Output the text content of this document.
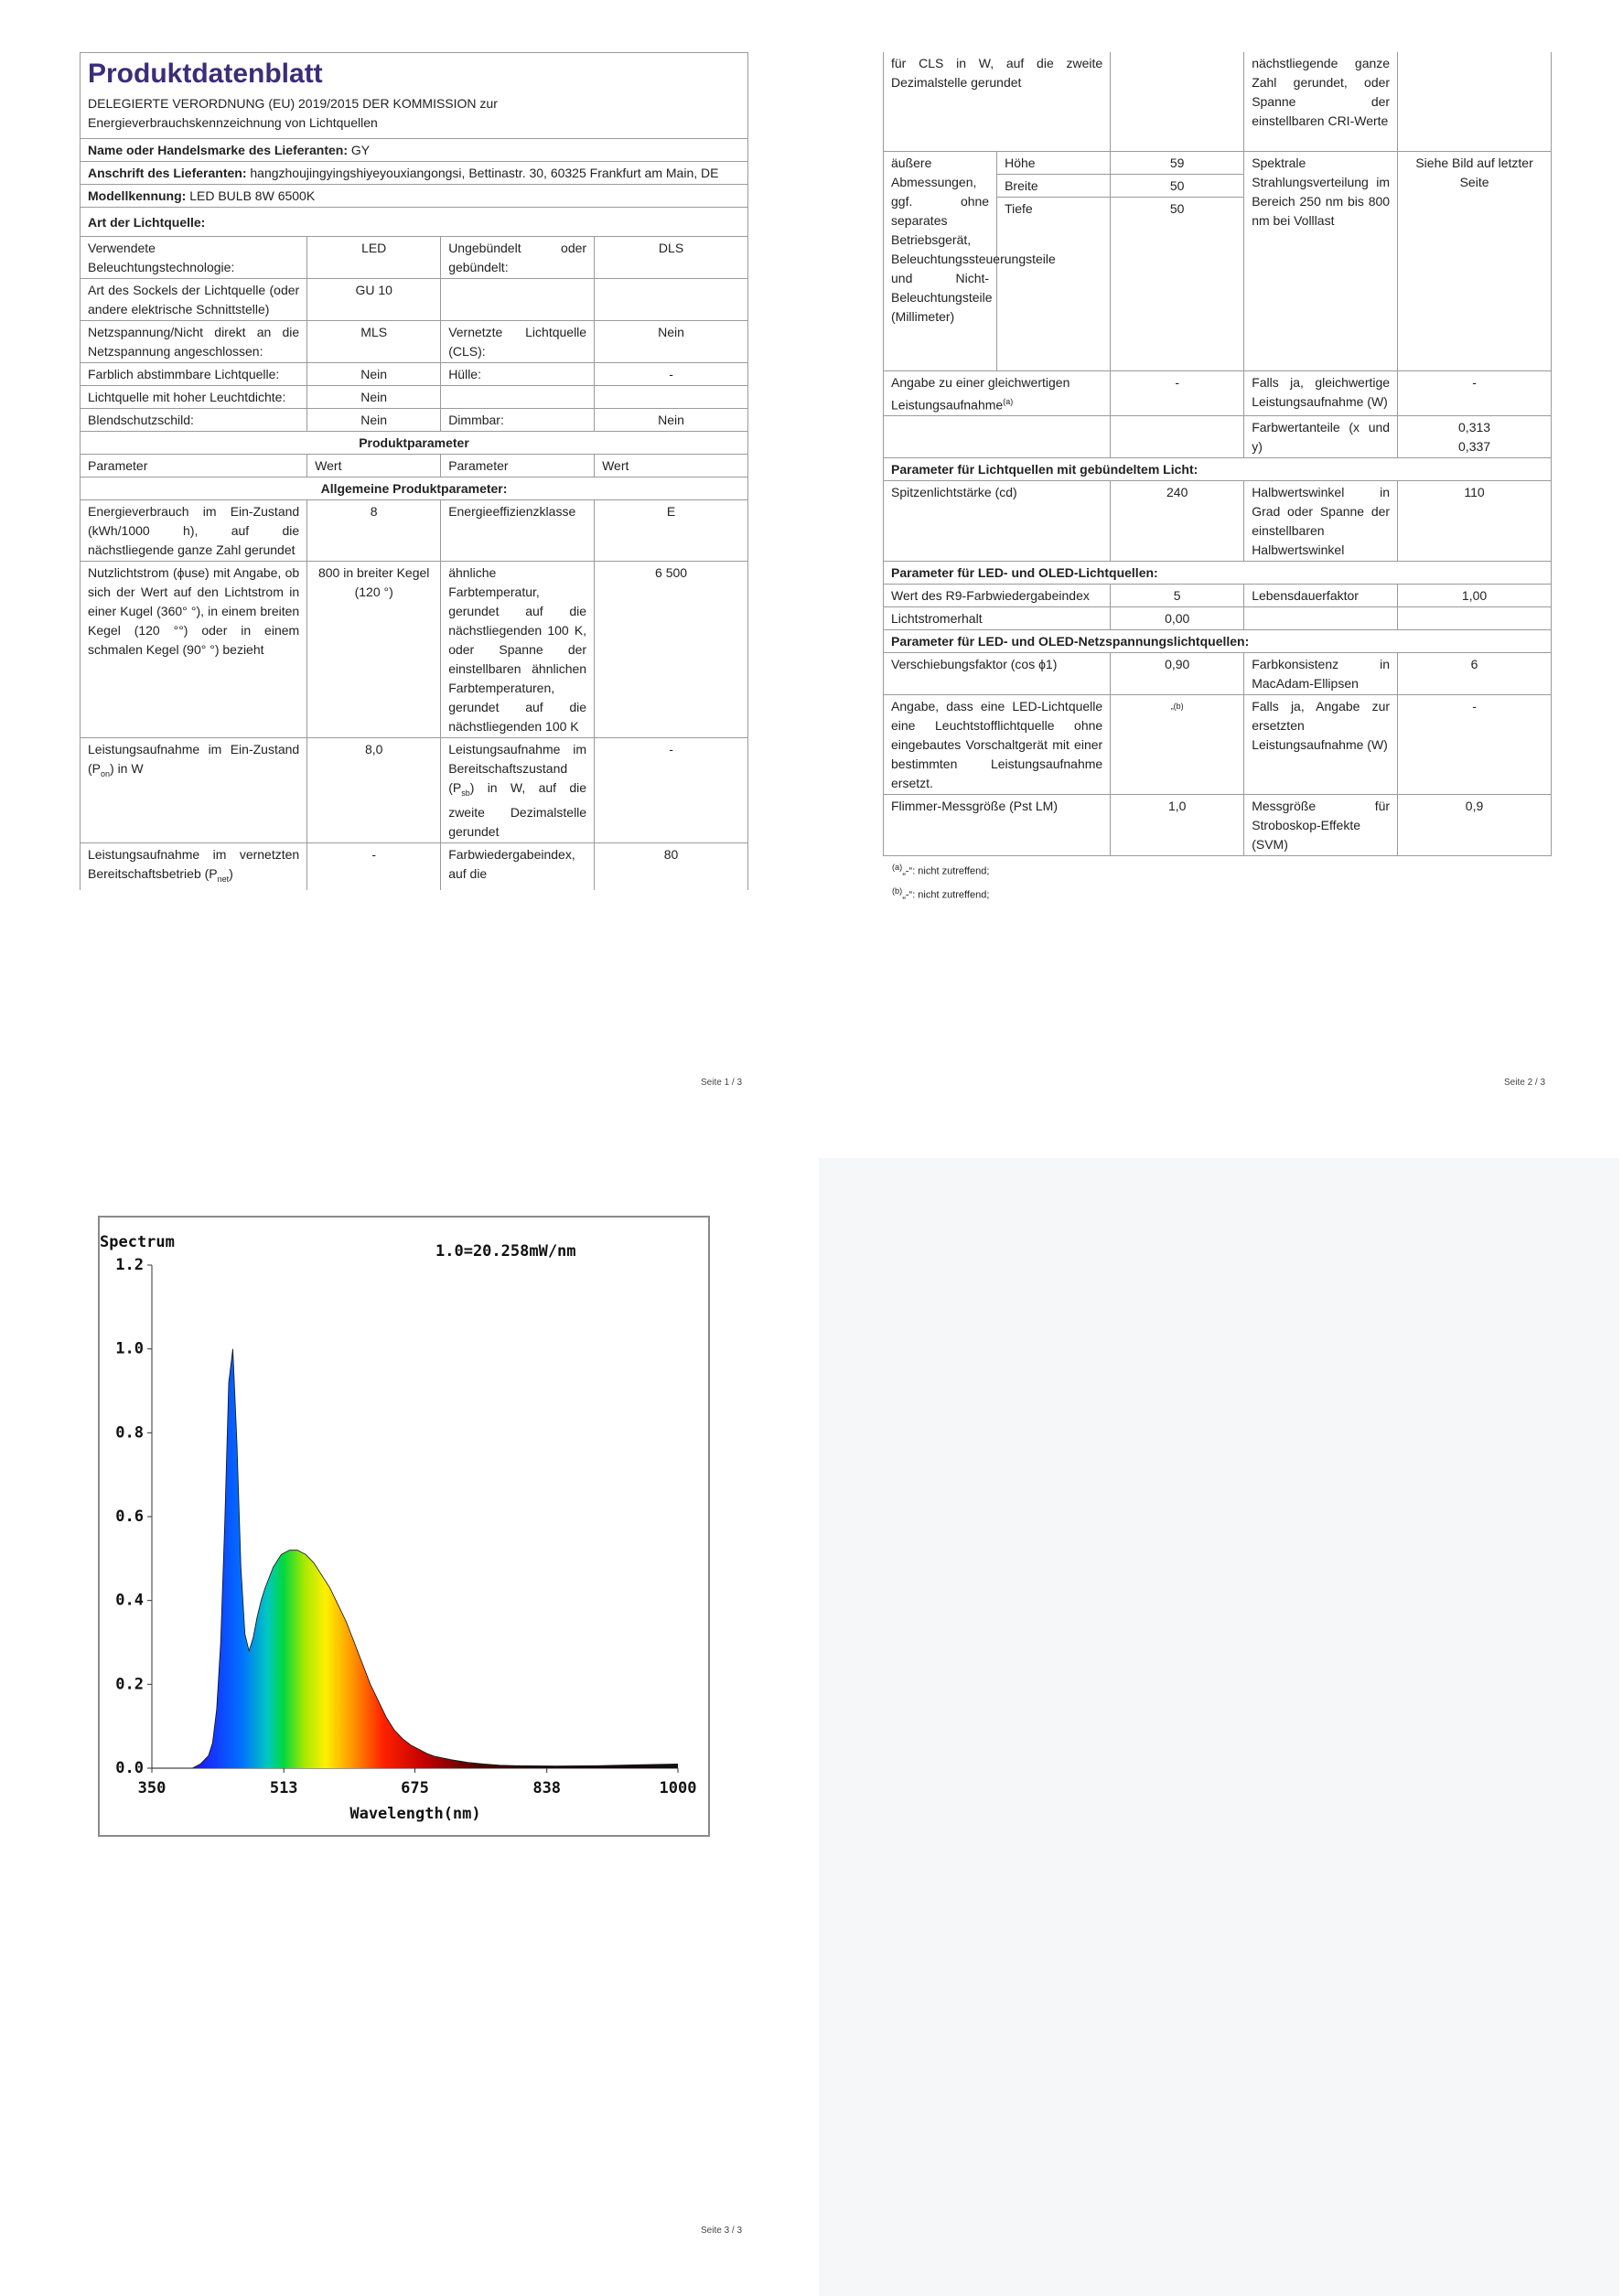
Produktdatenblatt
DELEGIERTE VERORDNUNG (EU) 2019/2015 DER KOMMISSION zur Energieverbrauchskennzeichnung von Lichtquellen			

Name oder Handelsmarke des Lieferanten: GY			
Anschrift des Lieferanten: hangzhoujingyingshiyeyouxiangongsi, Bettinastr. 30, 60325 Frankfurt am Main, DE			
Modellkennung: LED BULB 8W 6500K			
Art der Lichtquelle:			
Verwendete Beleuchtungstechnologie:	LED	Ungebündelt oder gebündelt:	DLS
Art des Sockels der Lichtquelle (oder andere elektrische Schnittstelle)	GU 10		
Netzspannung/Nicht direkt an die Netzspannung angeschlossen:	MLS	Vernetzte Lichtquelle (CLS):	Nein
Farblich abstimmbare Lichtquelle:	Nein	Hülle:	-
Lichtquelle mit hoher Leuchtdichte:	Nein		
Blendschutzschild:	Nein	Dimmbar:	Nein
Produktparameter			
Parameter	Wert	Parameter	Wert
Allgemeine Produktparameter:			
Energieverbrauch im Ein-Zustand (kWh/1000 h), auf die nächstliegende ganze Zahl gerundet	8	Energieeffizienzklasse	E
Nutzlichtstrom (ϕuse) mit Angabe, ob sich der Wert auf den Lichtstrom in einer Kugel (360° °), in einem breiten Kegel (120 °°) oder in einem schmalen Kegel (90° °) bezieht	800 in breiter Kegel (120 °)	ähnliche Farbtemperatur, gerundet auf die nächstliegenden 100 K, oder Spanne der einstellbaren ähnlichen Farbtemperaturen, gerundet auf die nächstliegenden 100 K	6 500
Leistungsaufnahme im Ein-Zustand $(P_{on})$ in W	8,0	Leistungsaufnahme im Bereitschaftszustand $(P_{sb})$ in W, auf die zweite Dezimalstelle gerundet	-
Leistungsaufnahme im vernetzten Bereitschaftsbetrieb $(P_{net})$	-	Farbwiedergabeindex, auf die	80
Seite 1 / 3
für CLS in W, auf die zweite Dezimalstelle gerundet			nächstliegende ganze Zahl gerundet, oder Spanne der einstellbaren CRI-Werte	
äußere Abmessungen, ggf. ohne separates Betriebsgerät, Beleuchtungssteuerungsteile und Nicht-Beleuchtungsteile (Millimeter)	Höhe	59	Spektrale Strahlungsverteilung im Bereich 250 nm bis 800 nm bei Volllast	Siehe Bild auf letzter Seite
	Breite	50		
	Tiefe	50		
Angabe zu einer gleichwertigen Leistungsaufnahme$^{(a)}$		-	Falls ja, gleichwertige Leistungsaufnahme (W)	-
			Farbwertanteile (x und y)	0,313
0,337

Parameter für Lichtquellen mit gebündeltem Licht:				
Spitzenlichtstärke (cd)		240	Halbwertswinkel in Grad oder Spanne der einstellbaren Halbwertswinkel	110
Parameter für LED- und OLED-Lichtquellen:				
Wert des R9-Farbwiedergabeindex		5	Lebensdauerfaktor	1,00
Lichtstromerhalt		0,00		
Parameter für LED- und OLED-Netzspannungslichtquellen:				
Verschiebungsfaktor (cos ϕ1)		0,90	Farbkonsistenz in MacAdam-Ellipsen	6
Angabe, dass eine LED-Lichtquelle eine Leuchtstofflichtquelle ohne eingebautes Vorschaltgerät mit einer bestimmten Leistungsaufnahme ersetzt.		„(b)	Falls ja, Angabe zur ersetzten Leistungsaufnahme (W)	-
Flimmer-Messgröße (Pst LM)		1,0	Messgröße für Stroboskop-Effekte (SVM)	0,9
$^{(a)}$„-“: nicht zutreffend;
$^{(b)}$„-“: nicht zutreffend;
Seite 2 / 3
Spectrum	1.0=20.258mW/nm
Wavelength(nm)
0.0
0.2
0.4
0.6
0.8
1.0
1.2
350	513	675	838	1000
Seite 3 / 3
